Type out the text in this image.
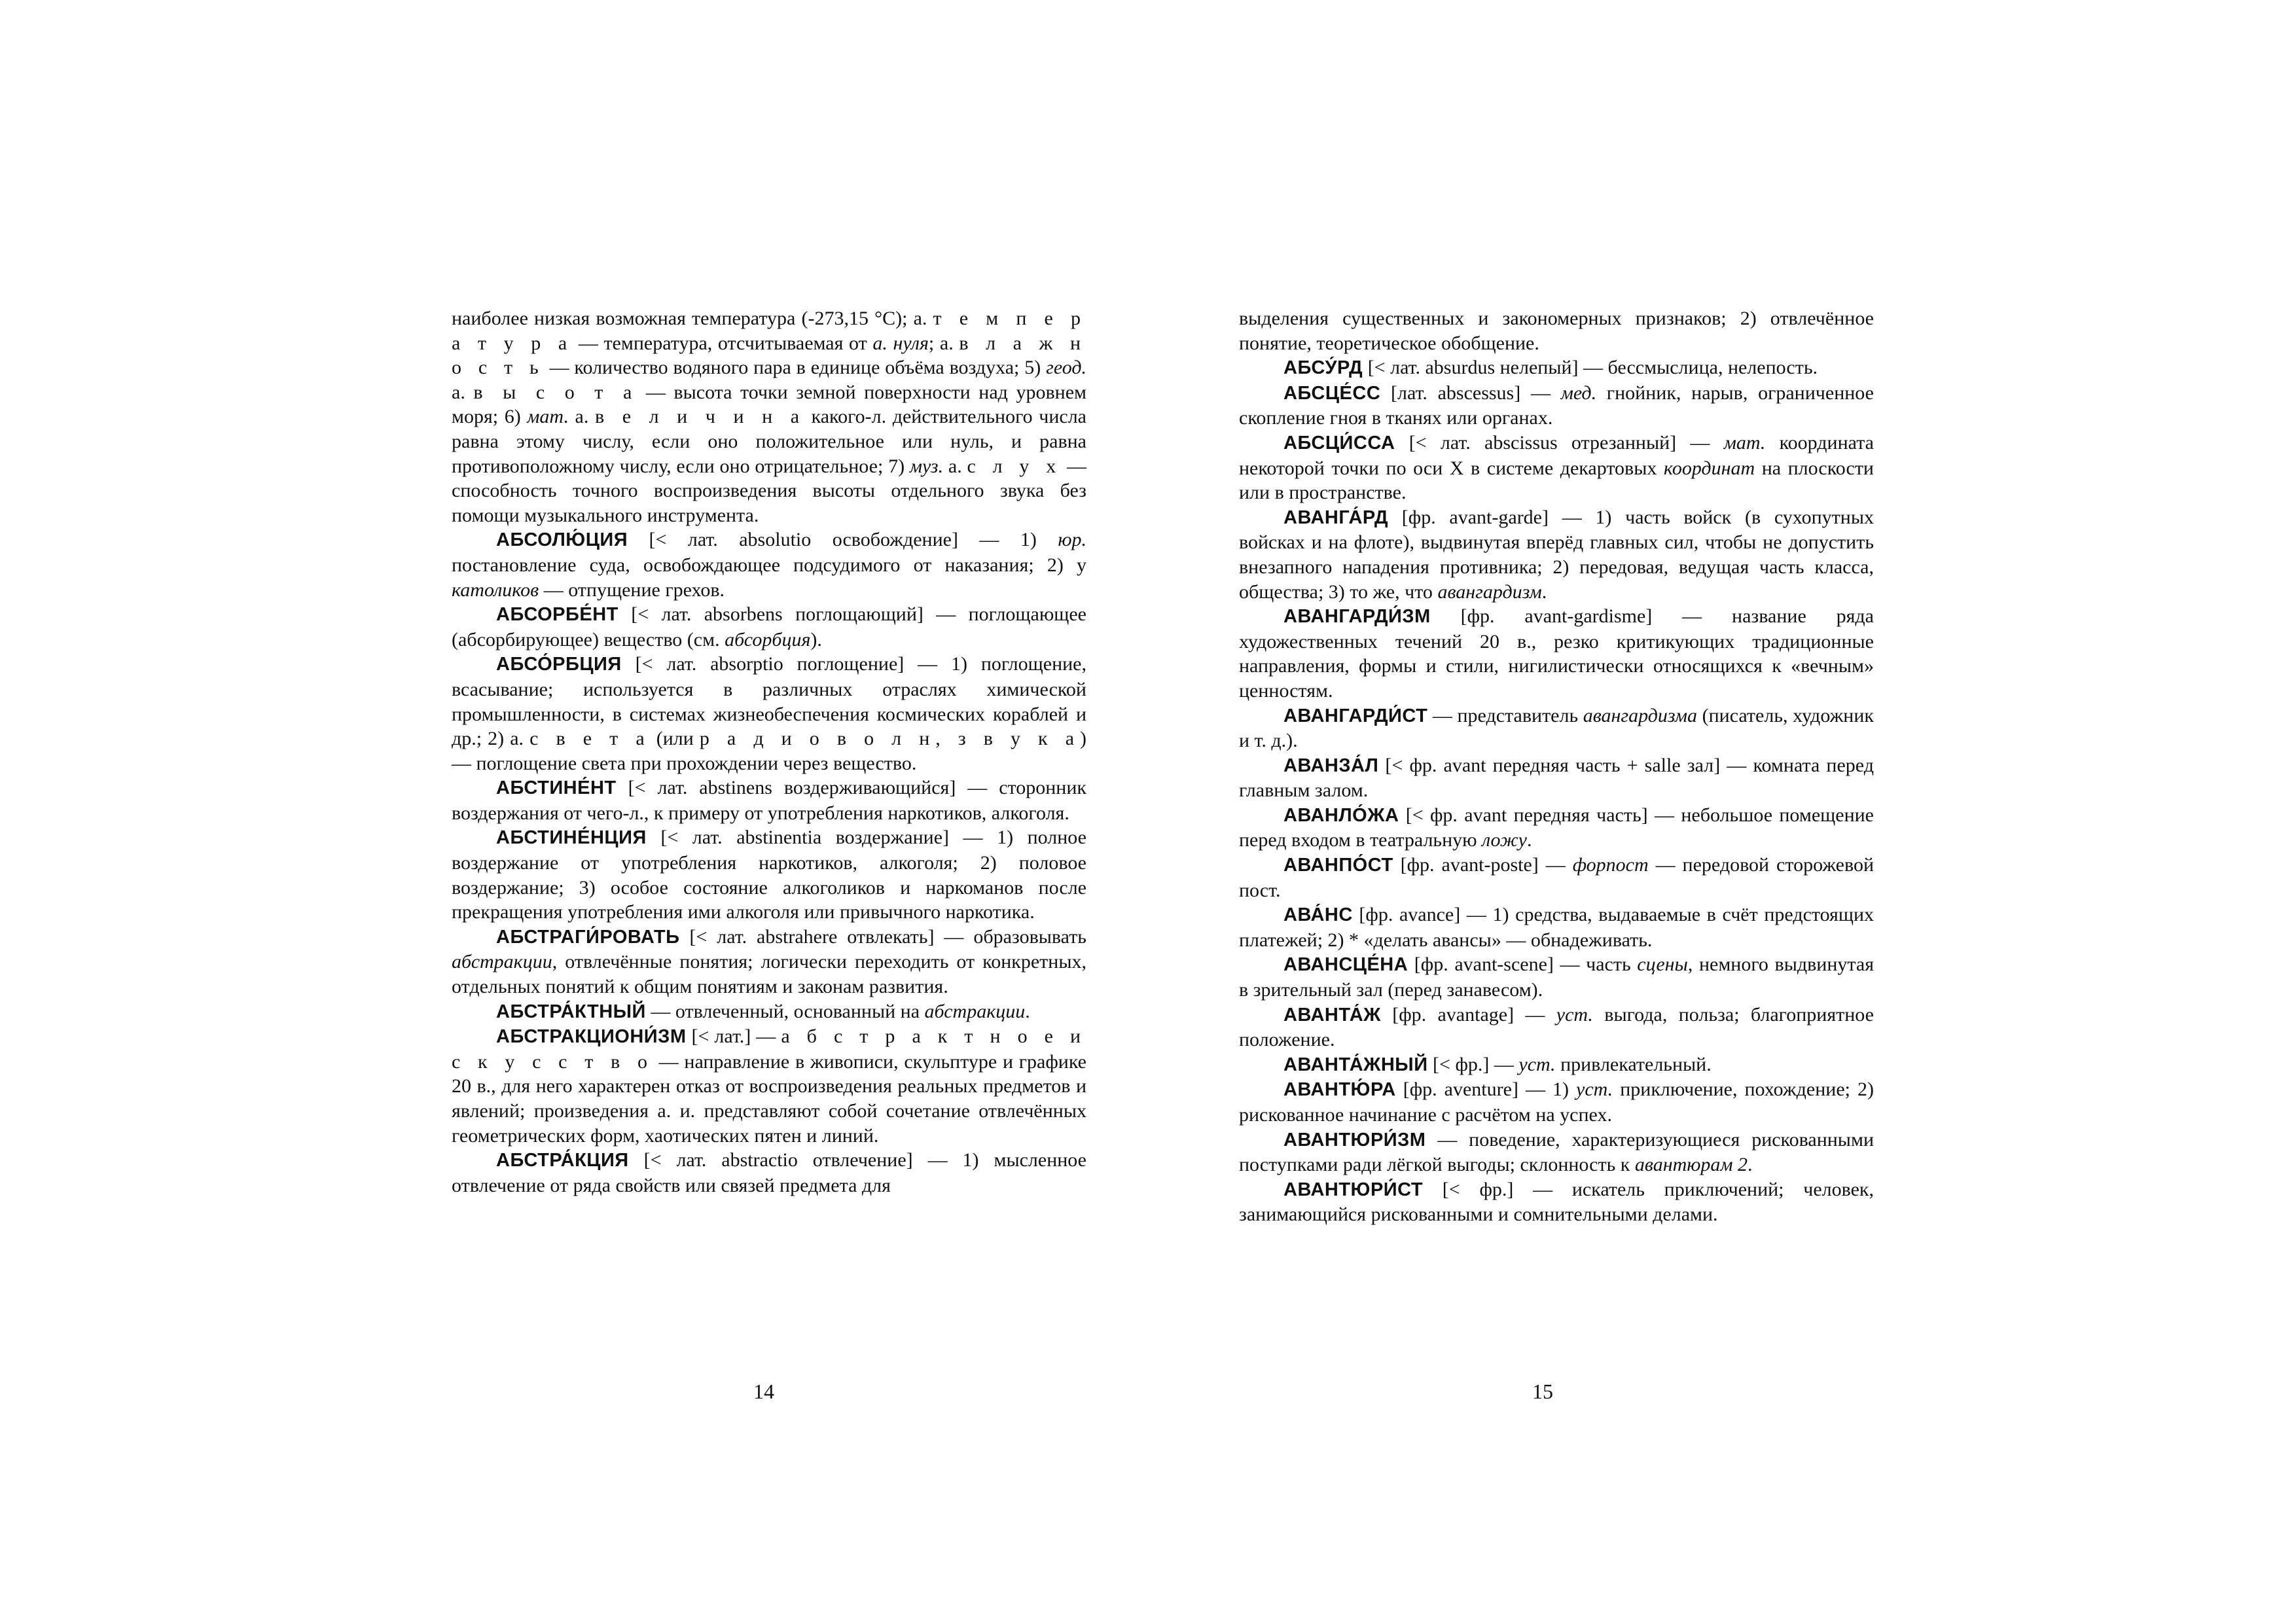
наиболее низкая возможная температура (-273,15 °С); а. т е м п е р а т у р а — температура, отсчитываемая от а. нуля; а. в л а ж н о с т ь — количество водяного пара в единице объёма воздуха; 5) геод. а. в ы с о т а — высота точки земной поверхности над уровнем моря; 6) мат. а. в е л и ч и н а какого-л. действительного числа равна этому числу, если оно положительное или нуль, и равна противоположному числу, если оно отрицательное; 7) муз. а. с л у х — способность точного воспроизведения высоты отдельного звука без помощи музыкального инструмента.

АБСОЛЮ́ЦИЯ [< лат. absolutio освобождение] — 1) юр. постановление суда, освобождающее подсудимого от наказания; 2) у католиков — отпущение грехов.

АБСОРБЕ́НТ [< лат. absorbens поглощающий] — поглощающее (абсорбирующее) вещество (см. абсорбция).

АБСО́РБЦИЯ [< лат. absorptio поглощение] — 1) поглощение, всасывание; используется в различных отраслях химической промышленности, в системах жизнеобеспечения космических кораблей и др.; 2) а. с в е т а (или р а д и о в о л н, з в у к а) — поглощение света при прохождении через вещество.

АБСТИНЕ́НТ [< лат. abstinens воздерживающийся] — сторонник воздержания от чего-л., к примеру от употребления наркотиков, алкоголя.

АБСТИНЕ́НЦИЯ [< лат. abstinentia воздержание] — 1) полное воздержание от употребления наркотиков, алкоголя; 2) половое воздержание; 3) особое состояние алкоголиков и наркоманов после прекращения употребления ими алкоголя или привычного наркотика.

АБСТРАГИ́РОВАТЬ [< лат. abstrahere отвлекать] — образовывать абстракции, отвлечённые понятия; логически переходить от конкретных, отдельных понятий к общим понятиям и законам развития.

АБСТРА́КТНЫЙ — отвлеченный, основанный на абстракции.

АБСТРАКЦИОНИ́ЗМ [< лат.] — а б с т р а к т н о е и с к у с с т в о — направление в живописи, скульптуре и графике 20 в., для него характерен отказ от воспроизведения реальных предметов и явлений; произведения а. и. представляют собой сочетание отвлечённых геометрических форм, хаотических пятен и линий.

АБСТРА́КЦИЯ [< лат. abstractio отвлечение] — 1) мысленное отвлечение от ряда свойств или связей предмета для

14

выделения существенных и закономерных признаков; 2) отвлечённое понятие, теоретическое обобщение.

АБСУ́РД [< лат. absurdus нелепый] — бессмыслица, нелепость.

АБСЦЕ́СС [лат. abscessus] — мед. гнойник, нарыв, ограниченное скопление гноя в тканях или органах.

АБСЦИ́ССА [< лат. abscissus отрезанный] — мат. координата некоторой точки по оси X в системе декартовых координат на плоскости или в пространстве.

АВАНГА́РД [фр. avant-garde] — 1) часть войск (в сухопутных войсках и на флоте), выдвинутая вперёд главных сил, чтобы не допустить внезапного нападения противника; 2) передовая, ведущая часть класса, общества; 3) то же, что авангардизм.

АВАНГАРДИ́ЗМ [фр. avant-gardisme] — название ряда художественных течений 20 в., резко критикующих традиционные направления, формы и стили, нигилистически относящихся к «вечным» ценностям.

АВАНГАРДИ́СТ — представитель авангардизма (писатель, художник и т. д.).

АВАНЗА́Л [< фр. avant передняя часть + salle зал] — комната перед главным залом.

АВАНЛО́ЖА [< фр. avant передняя часть] — небольшое помещение перед входом в театральную ложу.

АВАНПО́СТ [фр. avant-poste] — форпост — передовой сторожевой пост.

АВА́НС [фр. avance] — 1) средства, выдаваемые в счёт предстоящих платежей; 2) * «делать авансы» — обнадеживать.

АВАНСЦЕ́НА [фр. avant-scene] — часть сцены, немного выдвинутая в зрительный зал (перед занавесом).

АВАНТА́Ж [фр. avantage] — уст. выгода, польза; благоприятное положение.

АВАНТА́ЖНЫЙ [< фр.] — уст. привлекательный.

АВАНТЮ́РА [фр. aventure] — 1) уст. приключение, похождение; 2) рискованное начинание с расчётом на успех.

АВАНТЮРИ́ЗМ — поведение, характеризующиеся рискованными поступками ради лёгкой выгоды; склонность к авантюрам 2.

АВАНТЮРИ́СТ [< фр.] — искатель приключений; человек, занимающийся рискованными и сомнительными делами.

15
